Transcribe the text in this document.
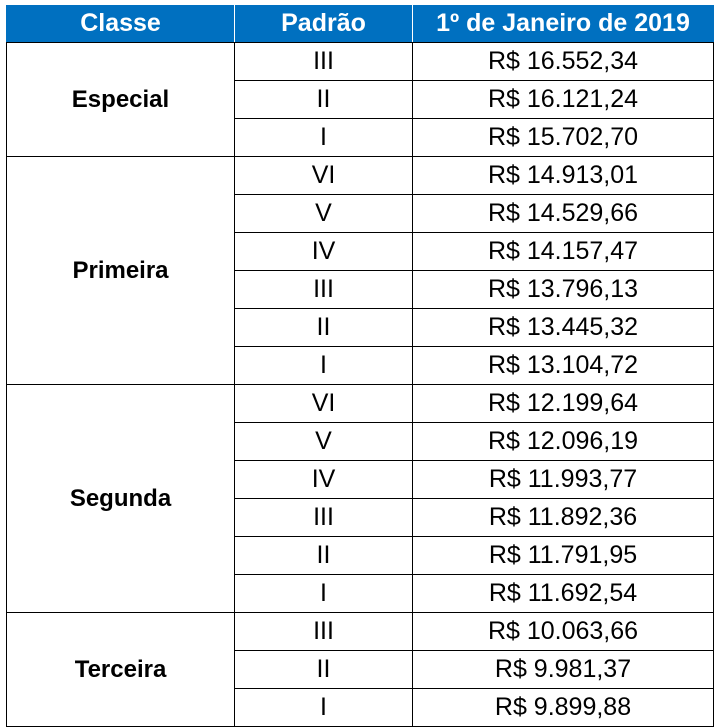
Classe	Padrão	1º de Janeiro de 2019
Especial	III	R$ 16.552,34
	II	R$ 16.121,24
	I	R$ 15.702,70
Primeira	VI	R$ 14.913,01
	V	R$ 14.529,66
	IV	R$ 14.157,47
	III	R$ 13.796,13
	II	R$ 13.445,32
	I	R$ 13.104,72
Segunda	VI	R$ 12.199,64
	V	R$ 12.096,19
	IV	R$ 11.993,77
	III	R$ 11.892,36
	II	R$ 11.791,95
	I	R$ 11.692,54
Terceira	III	R$ 10.063,66
	II	R$ 9.981,37
	I	R$ 9.899,88
